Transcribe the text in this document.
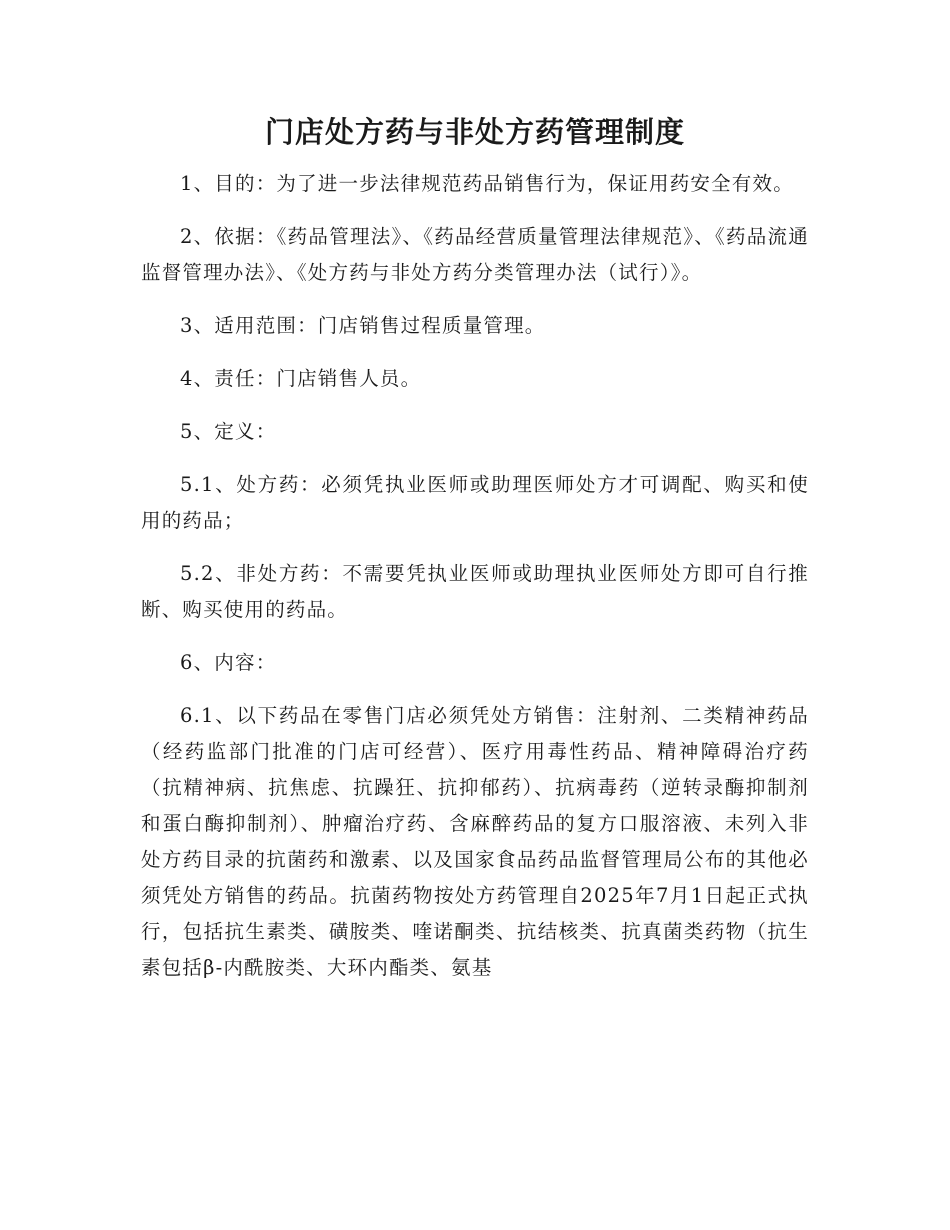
门店处方药与非处方药管理制度

1、目的：为了进一步法律规范药品销售行为，保证用药安全有效。

2、依据：《药品管理法》、《药品经营质量管理法律规范》、《药品流通监督管理办法》、《处方药与非处方药分类管理办法（试行）》。

3、适用范围：门店销售过程质量管理。

4、责任：门店销售人员。

5、定义：

5.1、处方药：必须凭执业医师或助理医师处方才可调配、购买和使用的药品；

5.2、非处方药：不需要凭执业医师或助理执业医师处方即可自行推断、购买使用的药品。

6、内容：

6.1、以下药品在零售门店必须凭处方销售：注射剂、二类精神药品（经药监部门批准的门店可经营）、医疗用毒性药品、精神障碍治疗药（抗精神病、抗焦虑、抗躁狂、抗抑郁药）、抗病毒药（逆转录酶抑制剂和蛋白酶抑制剂）、肿瘤治疗药、含麻醉药品的复方口服溶液、未列入非处方药目录的抗菌药和激素、以及国家食品药品监督管理局公布的其他必须凭处方销售的药品。抗菌药物按处方药管理自2025年7月1日起正式执行，包括抗生素类、磺胺类、喹诺酮类、抗结核类、抗真菌类药物（抗生素包括β-内酰胺类、大环内酯类、氨基
